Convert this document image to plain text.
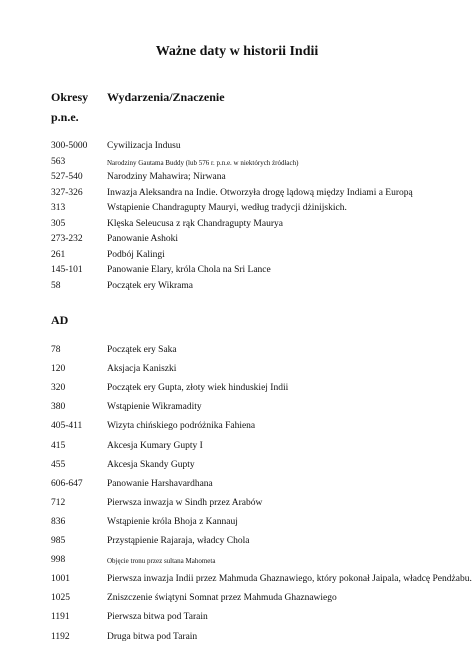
Ważne daty w historii Indii
Okresy Wydarzenia/Znaczenie
p.n.e.
300-5000 Cywilizacja Indusu
563	Narodziny Gautama Buddy (lub 576 r. p.n.e. w niektórych źródłach)
527-540	Narodziny Mahawira; Nirwana
327-326	Inwazja Aleksandra na Indie. Otworzyła drogę lądową między Indiami a Europą
313	Wstąpienie Chandragupty Mauryi, według tradycji dżinijskich.
305	Klęska Seleucusa z rąk Chandragupty Maurya
273-232	Panowanie Ashoki
261	Podbój Kalingi
145-101	Panowanie Elary, króla Chola na Sri Lance
58	Początek ery Wikrama
AD
78	Początek ery Saka
120	Aksjacja Kaniszki
320	Początek ery Gupta, złoty wiek hinduskiej Indii
380	Wstąpienie Wikramadity
405-411	Wizyta chińskiego podróżnika Fahiena
415	Akcesja Kumary Gupty I
455	Akcesja Skandy Gupty
606-647	Panowanie Harshavardhana
712	Pierwsza inwazja w Sindh przez Arabów
836	Wstąpienie króla Bhoja z Kannauj
985	Przystąpienie Rajaraja, władcy Chola
998	Objęcie tronu przez sultana Mahometa
1001	Pierwsza inwazja Indii przez Mahmuda Ghaznawiego, który pokonał Jaipala, władcę Pendżabu.
1025	Zniszczenie świątyni Somnat przez Mahmuda Ghaznawiego
1191	Pierwsza bitwa pod Tarain
1192	Druga bitwa pod Tarain
